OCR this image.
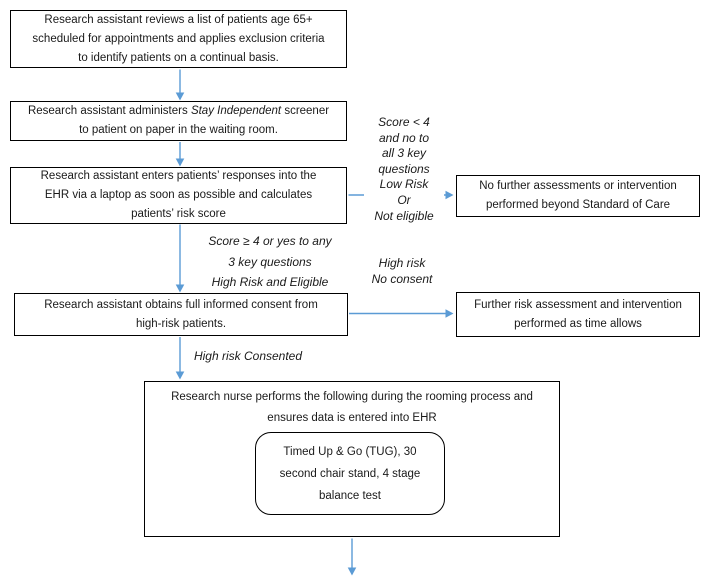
Research assistant reviews a list of patients age 65+
scheduled for appointments and applies exclusion criteria
to identify patients on a continual basis.
Research assistant administers Stay Independent screener
to patient on paper in the waiting room.
Research assistant enters patients’ responses into the
EHR via a laptop as soon as possible and calculates
patients’ risk score
No further assessments or intervention
performed beyond Standard of Care
Research assistant obtains full informed consent from
high-risk patients.
Further risk assessment and intervention
performed as time allows
Research nurse performs the following during the rooming process and
ensures data is entered into EHR
Timed Up & Go (TUG), 30
second chair stand, 4 stage
balance test
Score < 4
and no to
all 3 key
questions
Low Risk
Or
Not eligible
Score ≥ 4 or yes to any
3 key questions
High Risk and Eligible
High risk
No consent
High risk Consented
